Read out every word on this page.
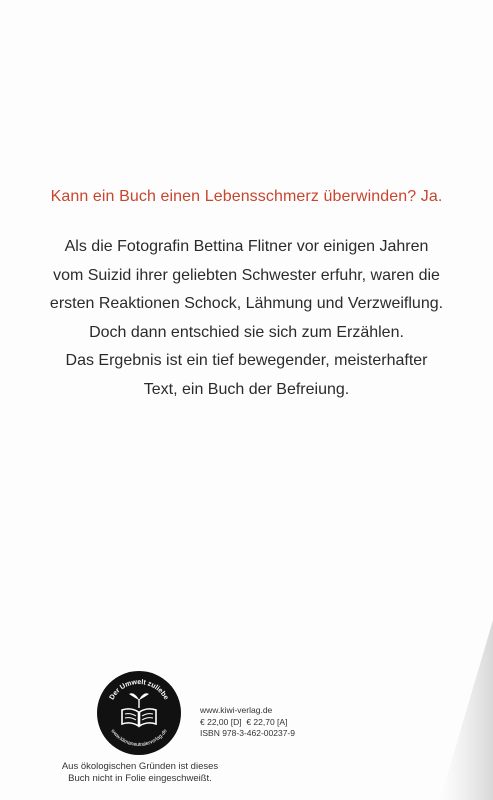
Kann ein Buch einen Lebensschmerz überwinden? Ja.
Als die Fotografin Bettina Flitner vor einigen Jahren
vom Suizid ihrer geliebten Schwester erfuhr, waren die
ersten Reaktionen Schock, Lähmung und Verzweiflung.
Doch dann entschied sie sich zum Erzählen.
Das Ergebnis ist ein tief bewegender, meisterhafter
Text, ein Buch der Befreiung.
Der Umwelt zuliebe
www.klimaneutralerverlag.de
Aus ökologischen Gründen ist dieses
Buch nicht in Folie eingeschweißt.
www.kiwi-verlag.de
€ 22,00 [D] € 22,70 [A]
ISBN 978-3-462-00237-9
